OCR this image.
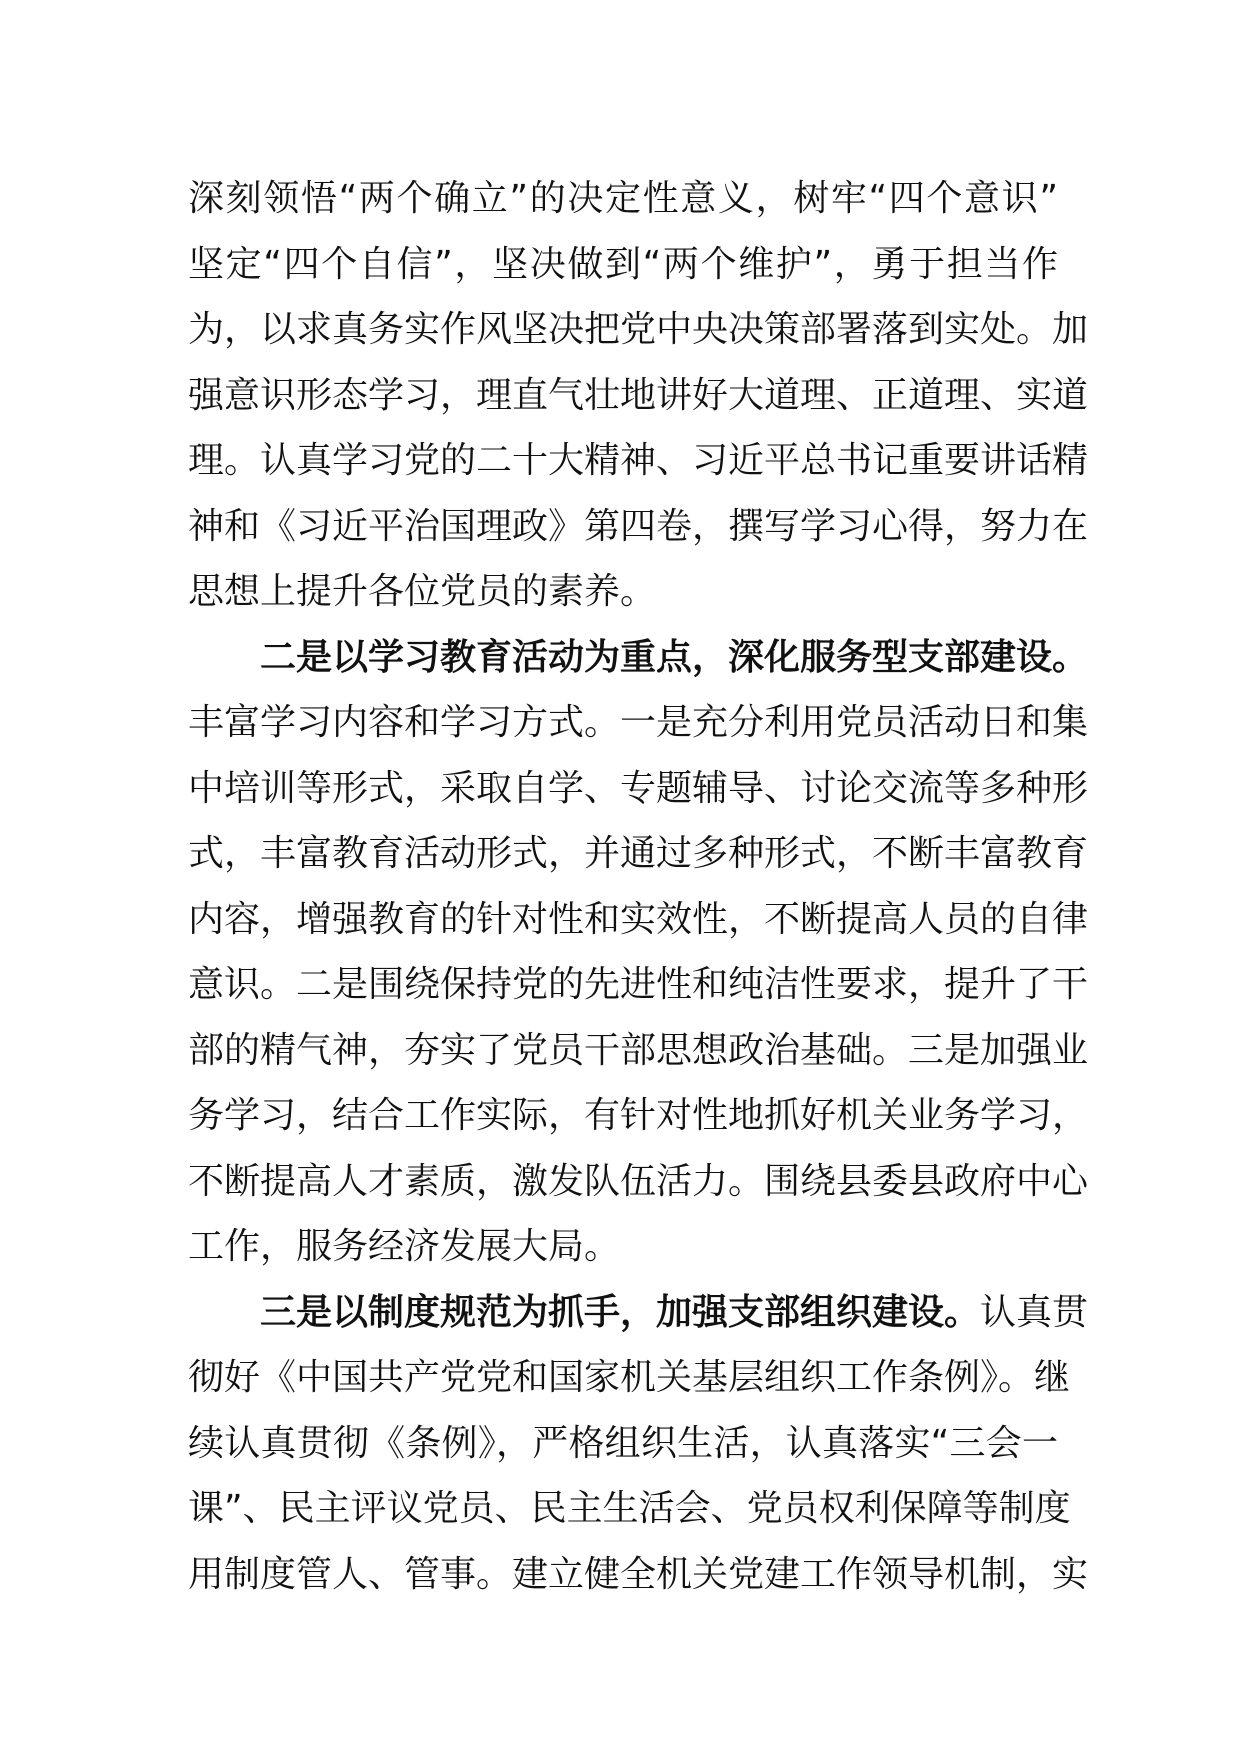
深刻领悟“两个确立”的决定性意义，树牢“四个意识”
坚定“四个自信”，坚决做到“两个维护”，勇于担当作
为，以求真务实作风坚决把党中央决策部署落到实处。加
强意识形态学习，理直气壮地讲好大道理、正道理、实道
理。认真学习党的二十大精神、习近平总书记重要讲话精
神和《习近平治国理政》第四卷，撰写学习心得，努力在
思想上提升各位党员的素养。
二是以学习教育活动为重点，深化服务型支部建设。
丰富学习内容和学习方式。一是充分利用党员活动日和集
中培训等形式，采取自学、专题辅导、讨论交流等多种形
式，丰富教育活动形式，并通过多种形式，不断丰富教育
内容，增强教育的针对性和实效性，不断提高人员的自律
意识。二是围绕保持党的先进性和纯洁性要求，提升了干
部的精气神，夯实了党员干部思想政治基础。三是加强业
务学习，结合工作实际，有针对性地抓好机关业务学习，
不断提高人才素质，激发队伍活力。围绕县委县政府中心
工作，服务经济发展大局。
三是以制度规范为抓手，加强支部组织建设。认真贯
彻好《中国共产党党和国家机关基层组织工作条例》。继
续认真贯彻《条例》，严格组织生活，认真落实“三会一
课”、民主评议党员、民主生活会、党员权利保障等制度
用制度管人、管事。建立健全机关党建工作领导机制，实
